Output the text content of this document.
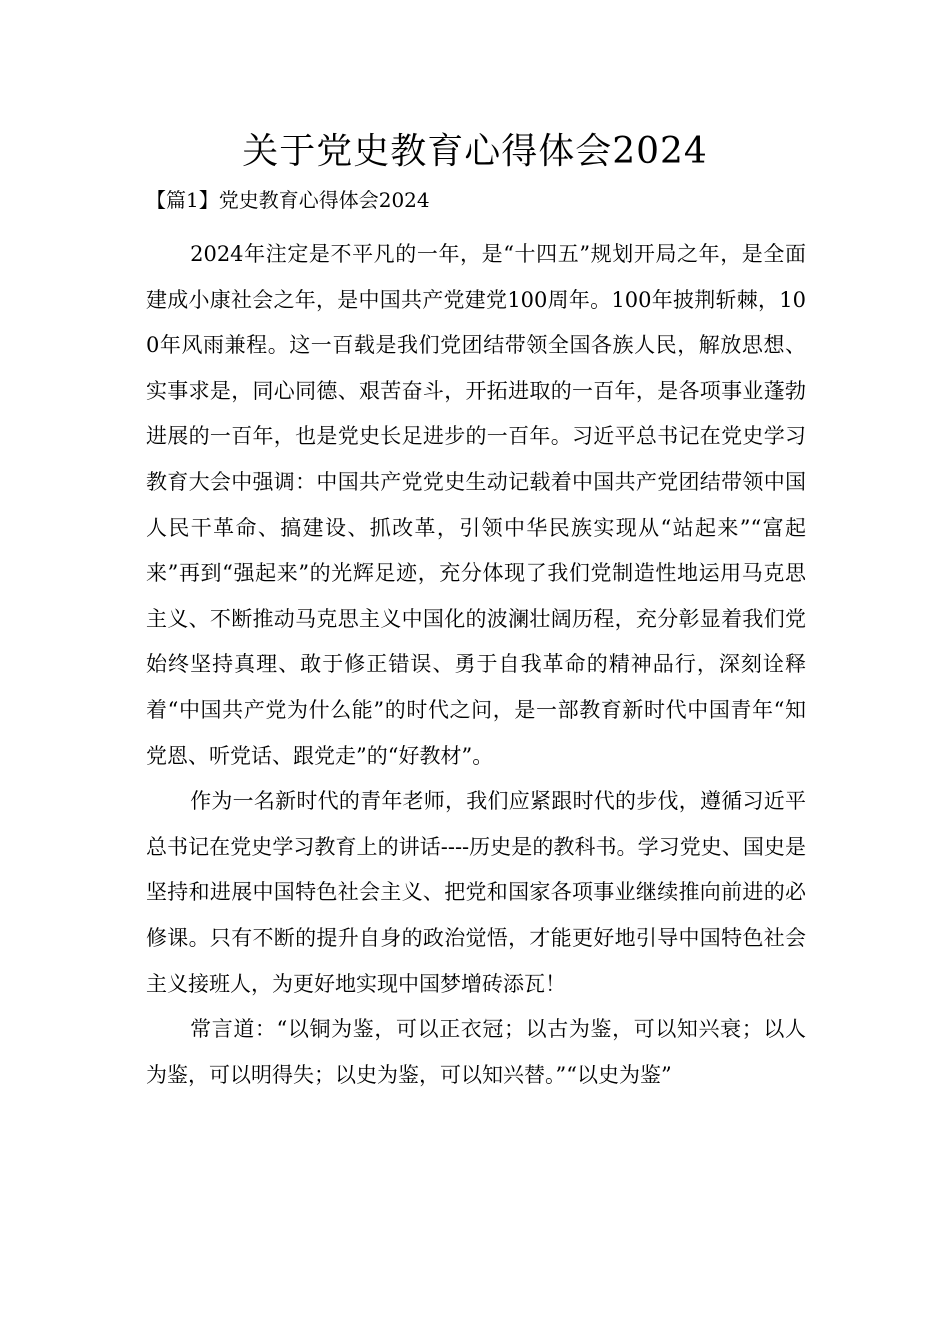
关于党史教育心得体会2024
【篇1】党史教育心得体会2024

2024年注定是不平凡的一年，是“十四五”规划开局之年，是全面建成小康社会之年，是中国共产党建党100周年。100年披荆斩棘，100年风雨兼程。这一百载是我们党团结带领全国各族人民，解放思想、实事求是，同心同德、艰苦奋斗，开拓进取的一百年，是各项事业蓬勃进展的一百年，也是党史长足进步的一百年。习近平总书记在党史学习教育大会中强调：中国共产党党史生动记载着中国共产党团结带领中国人民干革命、搞建设、抓改革，引领中华民族实现从“站起来”“富起来”再到“强起来”的光辉足迹，充分体现了我们党制造性地运用马克思主义、不断推动马克思主义中国化的波澜壮阔历程，充分彰显着我们党始终坚持真理、敢于修正错误、勇于自我革命的精神品行，深刻诠释着“中国共产党为什么能”的时代之问，是一部教育新时代中国青年“知党恩、听党话、跟党走”的“好教材”。

作为一名新时代的青年老师，我们应紧跟时代的步伐，遵循习近平总书记在党史学习教育上的讲话----历史是的教科书。学习党史、国史是坚持和进展中国特色社会主义、把党和国家各项事业继续推向前进的必修课。只有不断的提升自身的政治觉悟，才能更好地引导中国特色社会主义接班人，为更好地实现中国梦增砖添瓦！

常言道：“以铜为鉴，可以正衣冠；以古为鉴，可以知兴衰；以人为鉴，可以明得失；以史为鉴，可以知兴替。”“以史为鉴”
